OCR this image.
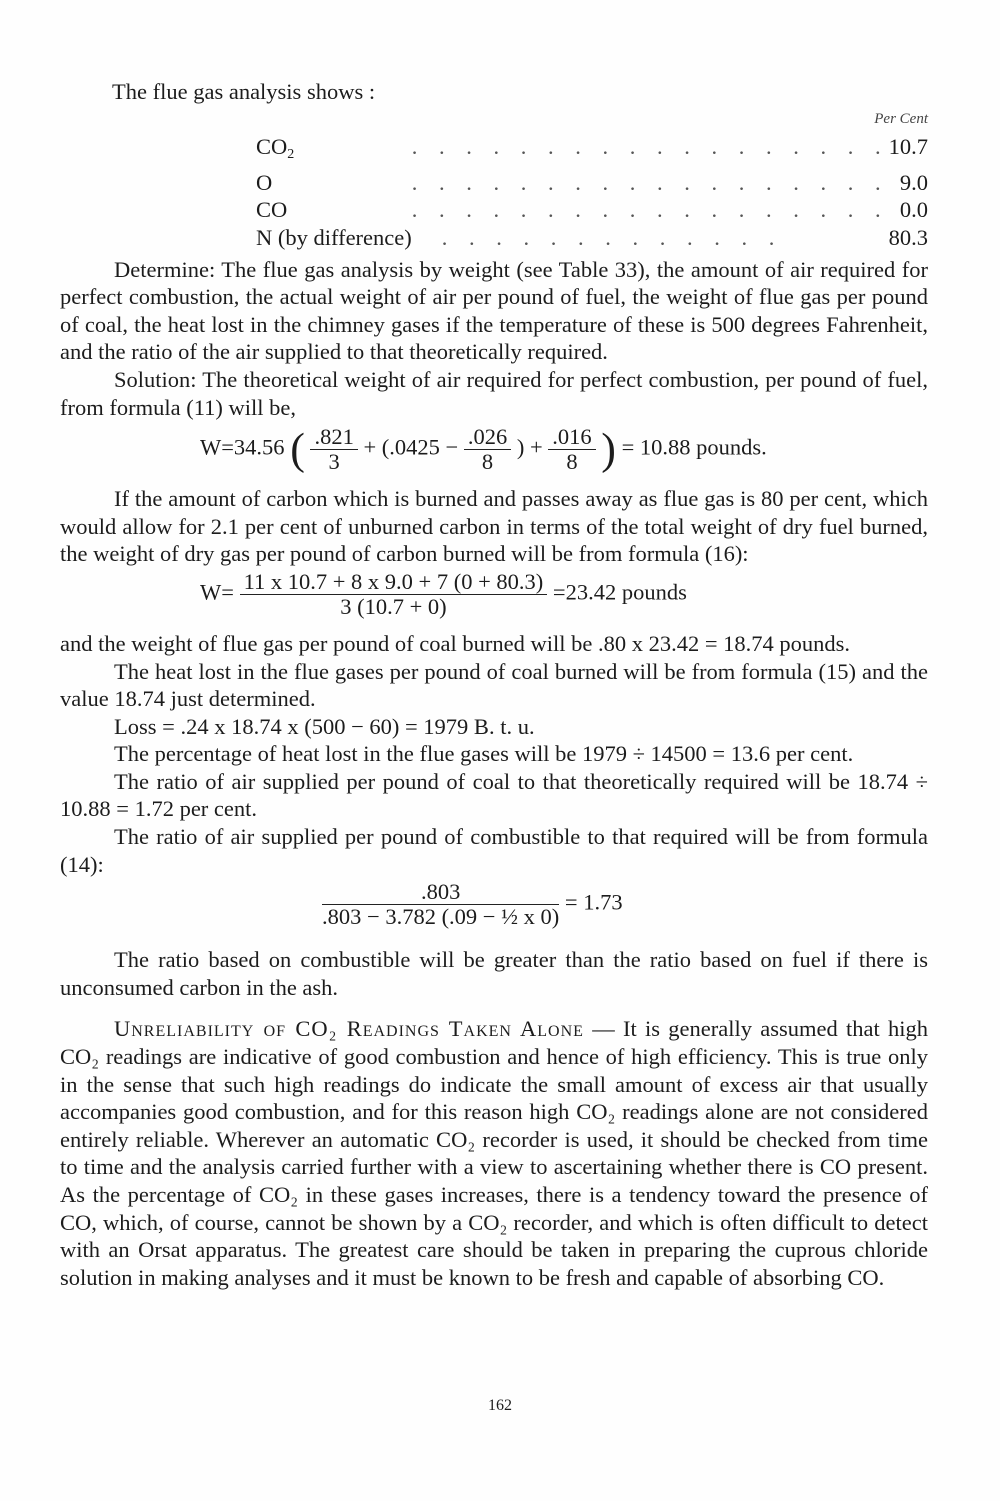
The flue gas analysis shows :

Per Cent		
$CO_2$	. . . . . . . . . . . . . . . . . .	10.7
O	. . . . . . . . . . . . . . . . . .	9.0
CO	. . . . . . . . . . . . . . . . . .	0.0
N (by difference)	. . . . . . . . . . . . .	80.3

Determine: The flue gas analysis by weight (see Table 33), the amount of air required for perfect combustion, the actual weight of air per pound of fuel, the weight of flue gas per pound of coal, the heat lost in the chimney gases if the temperature of these is 500 degrees Fahrenheit, and the ratio of the air supplied to that theoretically required.

Solution: The theoretical weight of air required for perfect combustion, per pound of fuel, from formula (11) will be,

W=34.56 ( $\frac{.821}{3} + (.0425 - \frac{.026}{8}$ ) + $\frac{.016}{8}$ ) = 10.88 pounds.

If the amount of carbon which is burned and passes away as flue gas is 80 per cent, which would allow for 2.1 per cent of unburned carbon in terms of the total weight of dry fuel burned, the weight of dry gas per pound of carbon burned will be from formula (16):

$W= \frac{11 x 10.7 + 8 x 9.0 + 7 (0 + 80.3)}{3 (10.7 + 0)} =23.42$ pounds

and the weight of flue gas per pound of coal burned will be .80 x 23.42 = 18.74 pounds.

The heat lost in the flue gases per pound of coal burned will be from formula (15) and the value 18.74 just determined.

Loss = .24 x 18.74 x (500 − 60) = 1979 B. t. u.

The percentage of heat lost in the flue gases will be 1979 ÷ 14500 = 13.6 per cent.

The ratio of air supplied per pound of coal to that theoretically required will be 18.74 ÷ 10.88 = 1.72 per cent.

The ratio of air supplied per pound of combustible to that required will be from formula (14):

$\frac{.803}{\text{.803 − 3.782 (.09 − ½ x 0)}} = 1.73$

The ratio based on combustible will be greater than the ratio based on fuel if there is unconsumed carbon in the ash.

Unreliability of CO₂ Readings Taken Alone — It is generally assumed that high CO₂ readings are indicative of good combustion and hence of high efficiency. This is true only in the sense that such high readings do indicate the small amount of excess air that usually accompanies good combustion, and for this reason high CO₂ readings alone are not considered entirely reliable. Wherever an automatic CO₂ recorder is used, it should be checked from time to time and the analysis carried further with a view to ascertaining whether there is CO present. As the percentage of CO₂ in these gases increases, there is a tendency toward the presence of CO, which, of course, cannot be shown by a CO₂ recorder, and which is often difficult to detect with an Orsat apparatus. The greatest care should be taken in preparing the cuprous chloride solution in making analyses and it must be known to be fresh and capable of absorbing CO.

162
